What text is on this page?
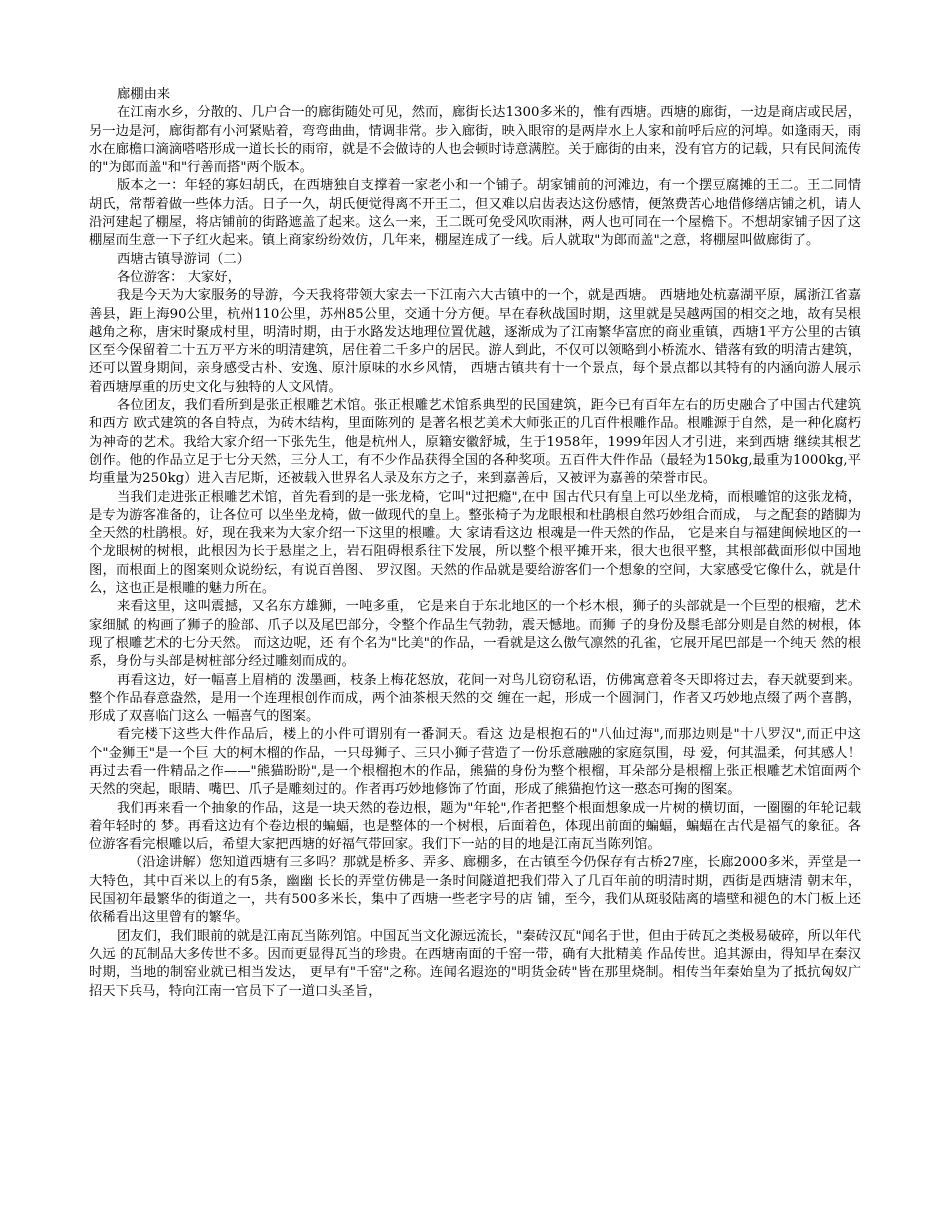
廊棚由来

在江南水乡，分散的、几户合一的廊街随处可见，然而，廊街长达1300多米的，惟有西塘。西塘的廊街，一边是商店或民居，另一边是河，廊街都有小河紧贴着，弯弯曲曲，情调非常。步入廊街，映入眼帘的是两岸水上人家和前呼后应的河埠。如逢雨天，雨水在廊檐口滴滴嗒嗒形成一道长长的雨帘，就是不会做诗的人也会顿时诗意满腔。关于廊街的由来，没有官方的记载，只有民间流传的"为郎而盖"和"行善而搭"两个版本。

版本之一：年轻的寡妇胡氏，在西塘独自支撑着一家老小和一个铺子。胡家铺前的河滩边，有一个摆豆腐摊的王二。王二同情胡氏，常帮着做一些体力活。日子一久，胡氏便觉得离不开王二，但又难以启齿表达这份感情，便煞费苦心地借修缮店铺之机，请人沿河建起了棚屋，将店铺前的街路遮盖了起来。这么一来，王二既可免受风吹雨淋，两人也可同在一个屋檐下。不想胡家铺子因了这棚屋而生意一下子红火起来。镇上商家纷纷效仿，几年来，棚屋连成了一线。后人就取"为郎而盖"之意，将棚屋叫做廊街了。

西塘古镇导游词（二）

各位游客： 大家好，

我是今天为大家服务的导游，今天我将带领大家去一下江南六大古镇中的一个，就是西塘。 西塘地处杭嘉湖平原，属浙江省嘉善县，距上海90公里，杭州110公里，苏州85公里，交通十分方便。早在春秋战国时期，这里就是吴越两国的相交之地，故有吴根越角之称，唐宋时聚成村里，明清时期，由于水路发达地理位置优越，逐渐成为了江南繁华富庶的商业重镇，西塘1平方公里的古镇区至今保留着二十五万平方米的明清建筑，居住着二千多户的居民。游人到此，不仅可以领略到小桥流水、错落有致的明清古建筑，还可以置身期间，亲身感受古朴、安逸、原汁原味的水乡风情， 西塘古镇共有十一个景点，每个景点都以其特有的内涵向游人展示着西塘厚重的历史文化与独特的人文风情。

各位团友，我们看所到是张正根雕艺术馆。张正根雕艺术馆系典型的民国建筑，距今已有百年左右的历史融合了中国古代建筑和西方 欧式建筑的各自特点，为砖木结构，里面陈列的 是著名根艺美术大师张正的几百件根雕作品。根雕源于自然，是一种化腐朽为神奇的艺术。我给大家介绍一下张先生，他是杭州人，原籍安徽舒城，生于1958年，1999年因人才引进，来到西塘 继续其根艺创作。他的作品立足于七分天然，三分人工，有不少作品获得全国的各种奖项。五百件大件作品（最轻为150kg,最重为1000kg,平均重量为250kg）进入吉尼斯，还被载入世界名人录及东方之子，来到嘉善后，又被评为嘉善的荣誉市民。

当我们走进张正根雕艺术馆，首先看到的是一张龙椅，它叫"过把瘾",在中 国古代只有皇上可以坐龙椅，而根雕馆的这张龙椅，是专为游客准备的，让各位可 以坐坐龙椅，做一做现代的皇上。整张椅子为龙眼根和杜鹃根自然巧妙组合而成， 与之配套的踏脚为全天然的杜鹃根。好，现在我来为大家介绍一下这里的根雕。大 家请看这边 根魂是一件天然的作品， 它是来自与福建闽候地区的一个龙眼树的树根，此根因为长于悬崖之上，岩石阻碍根系往下发展，所以整个根平摊开来，很大也很平整，其根部截面形似中国地图，而根面上的图案则众说纷纭，有说百兽图、 罗汉图。天然的作品就是要给游客们一个想象的空间，大家感受它像什么，就是什 么，这也正是根雕的魅力所在。

来看这里，这叫震撼，又名东方雄狮，一吨多重， 它是来自于东北地区的一个杉木根，狮子的头部就是一个巨型的根瘤，艺术家细腻 的构画了狮子的脸部、爪子以及尾巴部分，令整个作品生气勃勃，震天憾地。而狮 子的身份及鬃毛部分则是自然的树根，体现了根雕艺术的七分天然。 而这边呢，还 有个名为"比美"的作品，一看就是这么傲气凛然的孔雀，它展开尾巴部是一个纯天 然的根系，身份与头部是树桩部分经过雕刻而成的。

再看这边，好一幅喜上眉梢的 泼墨画，枝条上梅花怒放，花间一对鸟儿窃窃私语，仿佛寓意着冬天即将过去，春天就要到来。整个作品春意盎然，是用一个连理根创作而成，两个油茶根天然的交 缠在一起，形成一个圆洞门，作者又巧妙地点缀了两个喜鹊，形成了双喜临门这么 一幅喜气的图案。

看完楼下这些大件作品后，楼上的小件可谓别有一番洞天。看这 边是根抱石的"八仙过海",而那边则是"十八罗汉",而正中这个"金狮王"是一个巨 大的柯木榴的作品，一只母狮子、三只小狮子营造了一份乐意融融的家庭氛围，母 爱，何其温柔，何其感人！再过去看一件精品之作——"熊猫盼盼",是一个根榴抱木的作品，熊猫的身份为整个根榴，耳朵部分是根榴上张正根雕艺术馆面两个天然的突起，眼睛、嘴巴、爪子是雕刻过的。作者再巧妙地修饰了竹面，形成了熊猫抱竹这一憨态可掬的图案。

我们再来看一个抽象的作品，这是一块天然的卷边根，题为"年轮",作者把整个根面想象成一片树的横切面，一圈圈的年轮记载着年轻时的 梦。再看这边有个卷边根的蝙蝠，也是整体的一个树根，后面着色，体现出前面的蝙蝠，蝙蝠在古代是福气的象征。各位游客看完根雕以后，希望大家把西塘的好福气带回家。我们下一站的目的地是江南瓦当陈列馆。

（沿途讲解）您知道西塘有三多吗？那就是桥多、弄多、廊棚多，在古镇至今仍保存有古桥27座，长廊2000多米，弄堂是一大特色，其中百米以上的有5条，幽幽 长长的弄堂仿佛是一条时间隧道把我们带入了几百年前的明清时期，西街是西塘清 朝末年，民国初年最繁华的街道之一，共有500多米长，集中了西塘一些老字号的店 铺，至今，我们从斑驳陆离的墙壁和褪色的木门板上还依稀看出这里曾有的繁华。

团友们，我们眼前的就是江南瓦当陈列馆。中国瓦当文化源远流长，"秦砖汉瓦"闻名于世，但由于砖瓦之类极易破碎，所以年代久远 的瓦制品大多传世不多。因而更显得瓦当的珍贵。在西塘南面的千窑一带，确有大批精美 作品传世。追其源由，得知早在秦汉时期，当地的制窑业就已相当发达， 更早有"千窑"之称。连闻名遐迩的"明货金砖"皆在那里烧制。相传当年秦始皇为了抵抗匈奴广招天下兵马，特向江南一官员下了一道口头圣旨，
